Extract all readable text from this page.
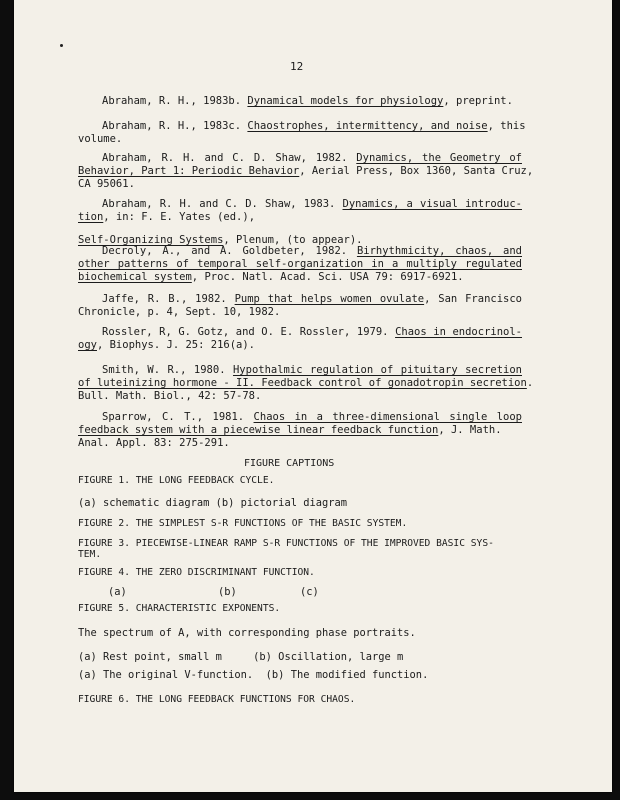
12

Abraham, R. H., 1983b. Dynamical models for physiology, preprint.

Abraham, R. H., 1983c. Chaostrophes, intermittency, and noise, this

volume.

Abraham, R. H. and C. D. Shaw, 1982. Dynamics, the Geometry of

Behavior, Part 1: Periodic Behavior, Aerial Press, Box 1360, Santa Cruz,

CA 95061.

Abraham, R. H. and C. D. Shaw, 1983. Dynamics, a visual introduc-

tion, in: F. E. Yates (ed.),

Self-Organizing Systems, Plenum, (to appear).

Decroly, A., and A. Goldbeter, 1982. Birhythmicity, chaos, and

other patterns of temporal self-organization in a multiply regulated

biochemical system, Proc. Natl. Acad. Sci. USA 79: 6917-6921.

Jaffe, R. B., 1982. Pump that helps women ovulate, San Francisco

Chronicle, p. 4, Sept. 10, 1982.

Rossler, R, G. Gotz, and O. E. Rossler, 1979. Chaos in endocrinol-

ogy, Biophys. J. 25: 216(a).

Smith, W. R., 1980. Hypothalmic regulation of pituitary secretion

of luteinizing hormone - II. Feedback control of gonadotropin secretion.

Bull. Math. Biol., 42: 57-78.

Sparrow, C. T., 1981. Chaos in a three-dimensional single loop

feedback system with a piecewise linear feedback function, J. Math.

Anal. Appl. 83: 275-291.

FIGURE CAPTIONS
FIGURE 1. THE LONG FEEDBACK CYCLE.
(a) schematic diagram (b) pictorial diagram
FIGURE 2. THE SIMPLEST S-R FUNCTIONS OF THE BASIC SYSTEM.
FIGURE 3. PIECEWISE-LINEAR RAMP S-R FUNCTIONS OF THE IMPROVED BASIC SYS-
TEM.
FIGURE 4. THE ZERO DISCRIMINANT FUNCTION.
(a)	(b)	(c)
FIGURE 5. CHARACTERISTIC EXPONENTS.
The spectrum of A, with corresponding phase portraits.
(a) Rest point, small m     (b) Oscillation, large m
(a) The original V-function.  (b) The modified function.
FIGURE 6. THE LONG FEEDBACK FUNCTIONS FOR CHAOS.
